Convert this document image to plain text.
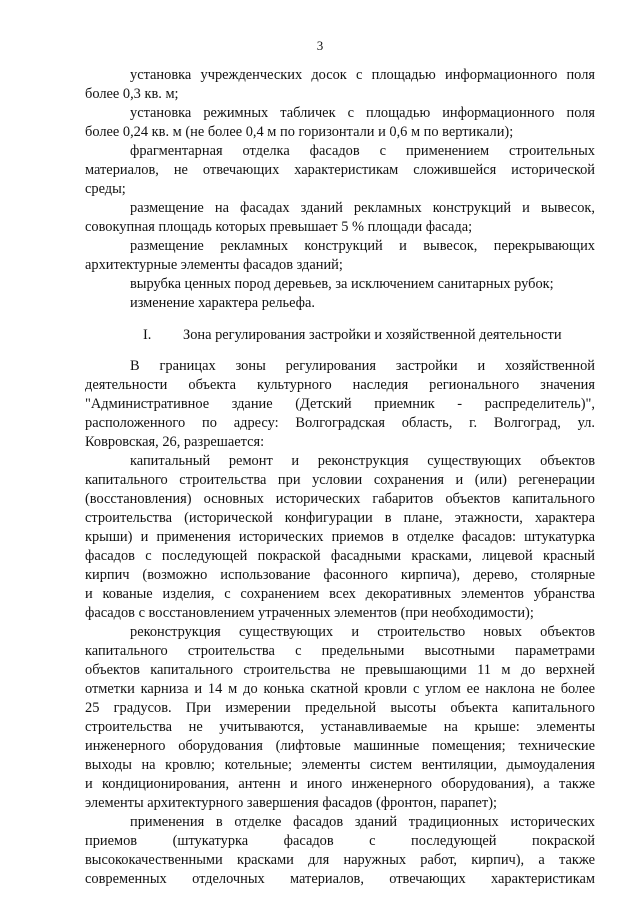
3
установка учрежденческих досок с площадью информационного поля
более 0,3 кв. м;
установка режимных табличек с площадью информационного поля
более 0,24 кв. м (не более 0,4 м по горизонтали и 0,6 м по вертикали);
фрагментарная отделка фасадов с применением строительных
материалов, не отвечающих характеристикам сложившейся исторической
среды;
размещение на фасадах зданий рекламных конструкций и вывесок,
совокупная площадь которых превышает 5 % площади фасада;
размещение рекламных конструкций и вывесок, перекрывающих
архитектурные элементы фасадов зданий;
вырубка ценных пород деревьев, за исключением санитарных рубок;
изменение характера рельефа.
I. Зона регулирования застройки и хозяйственной деятельности
В границах зоны регулирования застройки и хозяйственной
деятельности объекта культурного наследия регионального значения
"Административное здание (Детский приемник - распределитель)",
расположенного по адресу: Волгоградская область, г. Волгоград, ул.
Ковровская, 26, разрешается:
капитальный ремонт и реконструкция существующих объектов
капитального строительства при условии сохранения и (или) регенерации
(восстановления) основных исторических габаритов объектов капитального
строительства (исторической конфигурации в плане, этажности, характера
крыши) и применения исторических приемов в отделке фасадов: штукатурка
фасадов с последующей покраской фасадными красками, лицевой красный
кирпич (возможно использование фасонного кирпича), дерево, столярные
и кованые изделия, с сохранением всех декоративных элементов убранства
фасадов с восстановлением утраченных элементов (при необходимости);
реконструкция существующих и строительство новых объектов
капитального строительства с предельными высотными параметрами
объектов капитального строительства не превышающими 11 м до верхней
отметки карниза и 14 м до конька скатной кровли с углом ее наклона не более
25 градусов. При измерении предельной высоты объекта капитального
строительства не учитываются, устанавливаемые на крыше: элементы
инженерного оборудования (лифтовые машинные помещения; технические
выходы на кровлю; котельные; элементы систем вентиляции, дымоудаления
и кондиционирования, антенн и иного инженерного оборудования), а также
элементы архитектурного завершения фасадов (фронтон, парапет);
применения в отделке фасадов зданий традиционных исторических
приемов (штукатурка фасадов с последующей покраской
высококачественными красками для наружных работ, кирпич), а также
современных отделочных материалов, отвечающих характеристикам
